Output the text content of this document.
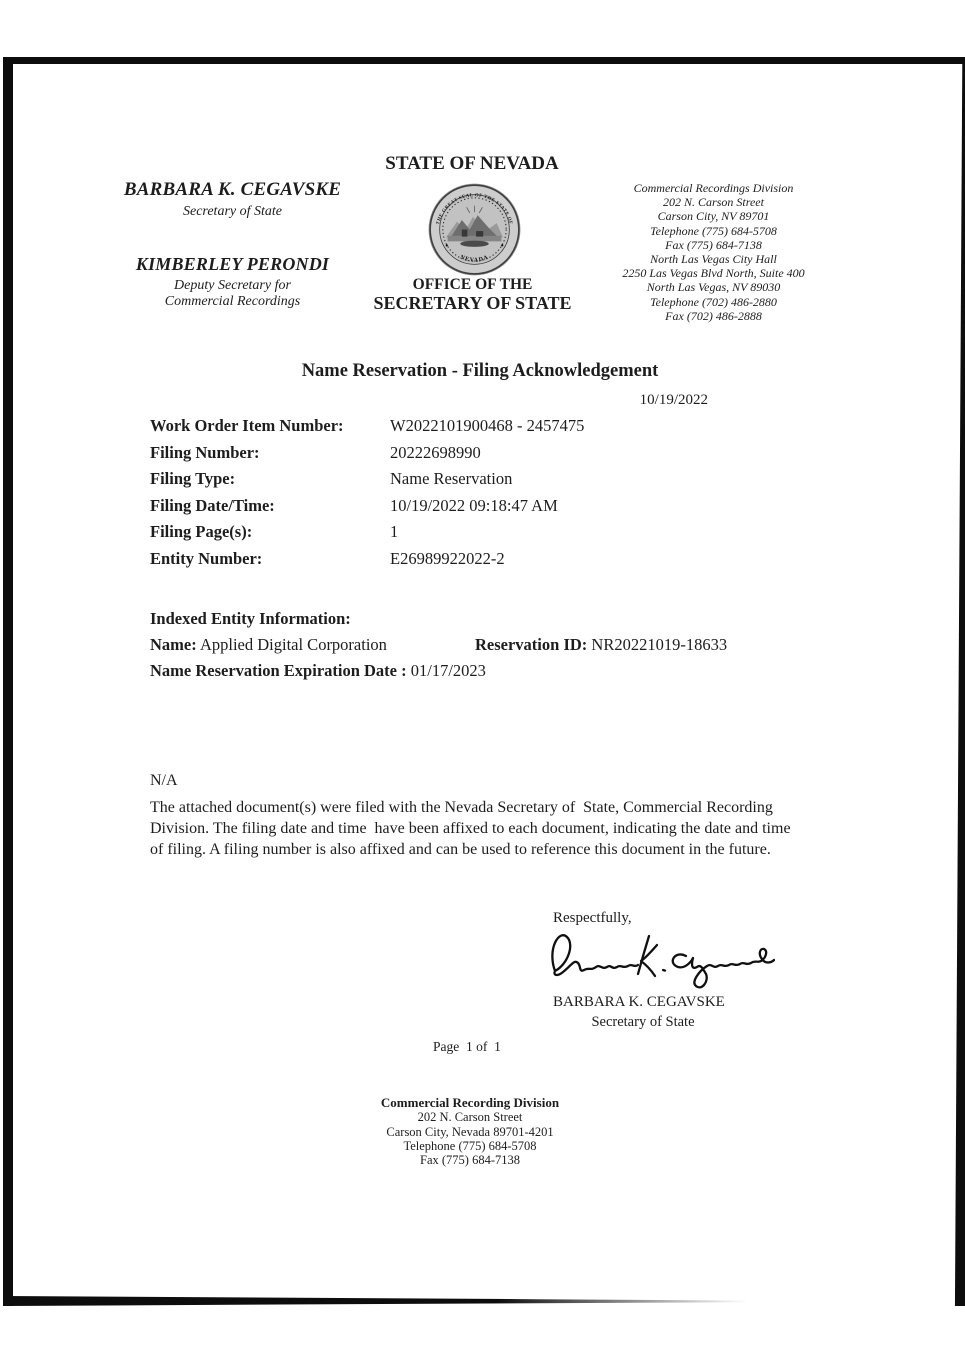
BARBARA K. CEGAVSKE
Secretary of State
KIMBERLEY PERONDI
Deputy Secretary for
Commercial Recordings
STATE OF NEVADA
THE GREAT SEAL OF THE STATE OF
NEVADA
OFFICE OF THE
SECRETARY OF STATE
Commercial Recordings Division
202 N. Carson Street
Carson City, NV 89701
Telephone (775) 684-5708
Fax (775) 684-7138
North Las Vegas City Hall
2250 Las Vegas Blvd North, Suite 400
North Las Vegas, NV 89030
Telephone (702) 486-2880
Fax (702) 486-2888
Name Reservation - Filing Acknowledgement
10/19/2022
Work Order Item Number:	W2022101900468 - 2457475
Filing Number:	20222698990
Filing Type:	Name Reservation
Filing Date/Time:	10/19/2022 09:18:47 AM
Filing Page(s):	1
Entity Number:	E26989922022-2
Indexed Entity Information:
Name: Applied Digital Corporation	Reservation ID: NR20221019-18633
Name Reservation Expiration Date : 01/17/2023
N/A
The attached document(s) were filed with the Nevada Secretary of  State, Commercial Recording Division. The filing date and time  have been affixed to each document, indicating the date and time of filing. A filing number is also affixed and can be used to reference this document in the future.
Respectfully,
BARBARA K. CEGAVSKE
Secretary of State
Page  1 of  1
Commercial Recording Division
202 N. Carson Street
Carson City, Nevada 89701-4201
Telephone (775) 684-5708
Fax (775) 684-7138
